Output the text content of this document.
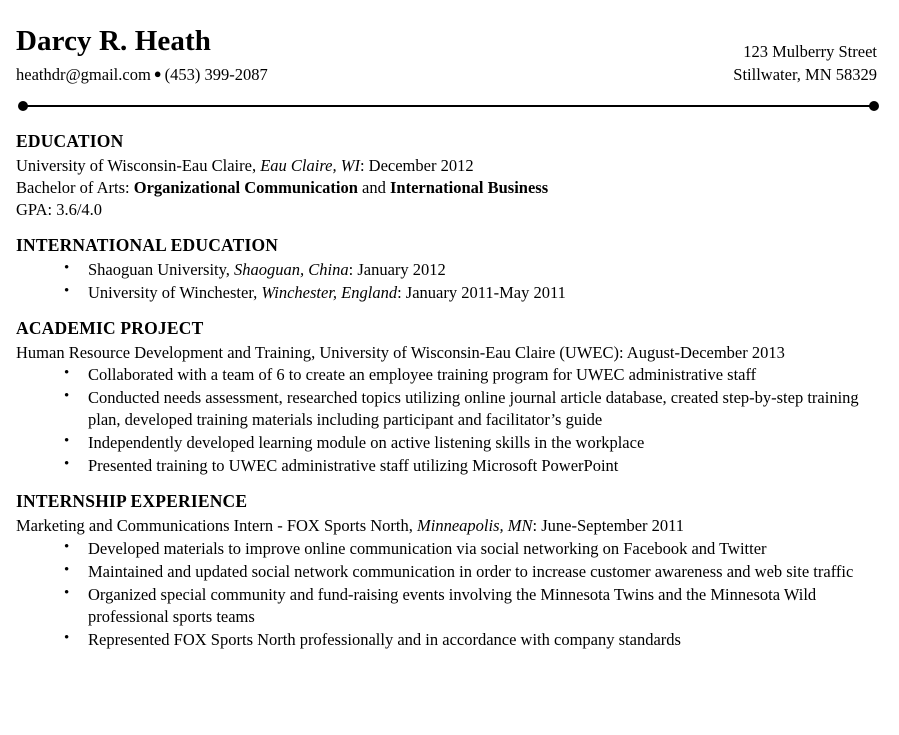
Darcy R. Heath
heathdr@gmail.com ● (453) 399-2087
123 Mulberry Street
Stillwater, MN 58329
EDUCATION

University of Wisconsin-Eau Claire, Eau Claire, WI: December 2012

Bachelor of Arts: Organizational Communication and International Business

GPA: 3.6/4.0

INTERNATIONAL EDUCATION
• Shaoguan University, Shaoguan, China: January 2012
• University of Winchester, Winchester, England: January 2011-May 2011
ACADEMIC PROJECT

Human Resource Development and Training, University of Wisconsin-Eau Claire (UWEC): August-December 2013

• Collaborated with a team of 6 to create an employee training program for UWEC administrative staff
• Conducted needs assessment, researched topics utilizing online journal article database, created step-by-step training plan, developed training materials including participant and facilitator’s guide
• Independently developed learning module on active listening skills in the workplace
• Presented training to UWEC administrative staff utilizing Microsoft PowerPoint
INTERNSHIP EXPERIENCE

Marketing and Communications Intern - FOX Sports North, Minneapolis, MN: June-September 2011

• Developed materials to improve online communication via social networking on Facebook and Twitter
• Maintained and updated social network communication in order to increase customer awareness and web site traffic
• Organized special community and fund-raising events involving the Minnesota Twins and the Minnesota Wild professional sports teams
• Represented FOX Sports North professionally and in accordance with company standards
